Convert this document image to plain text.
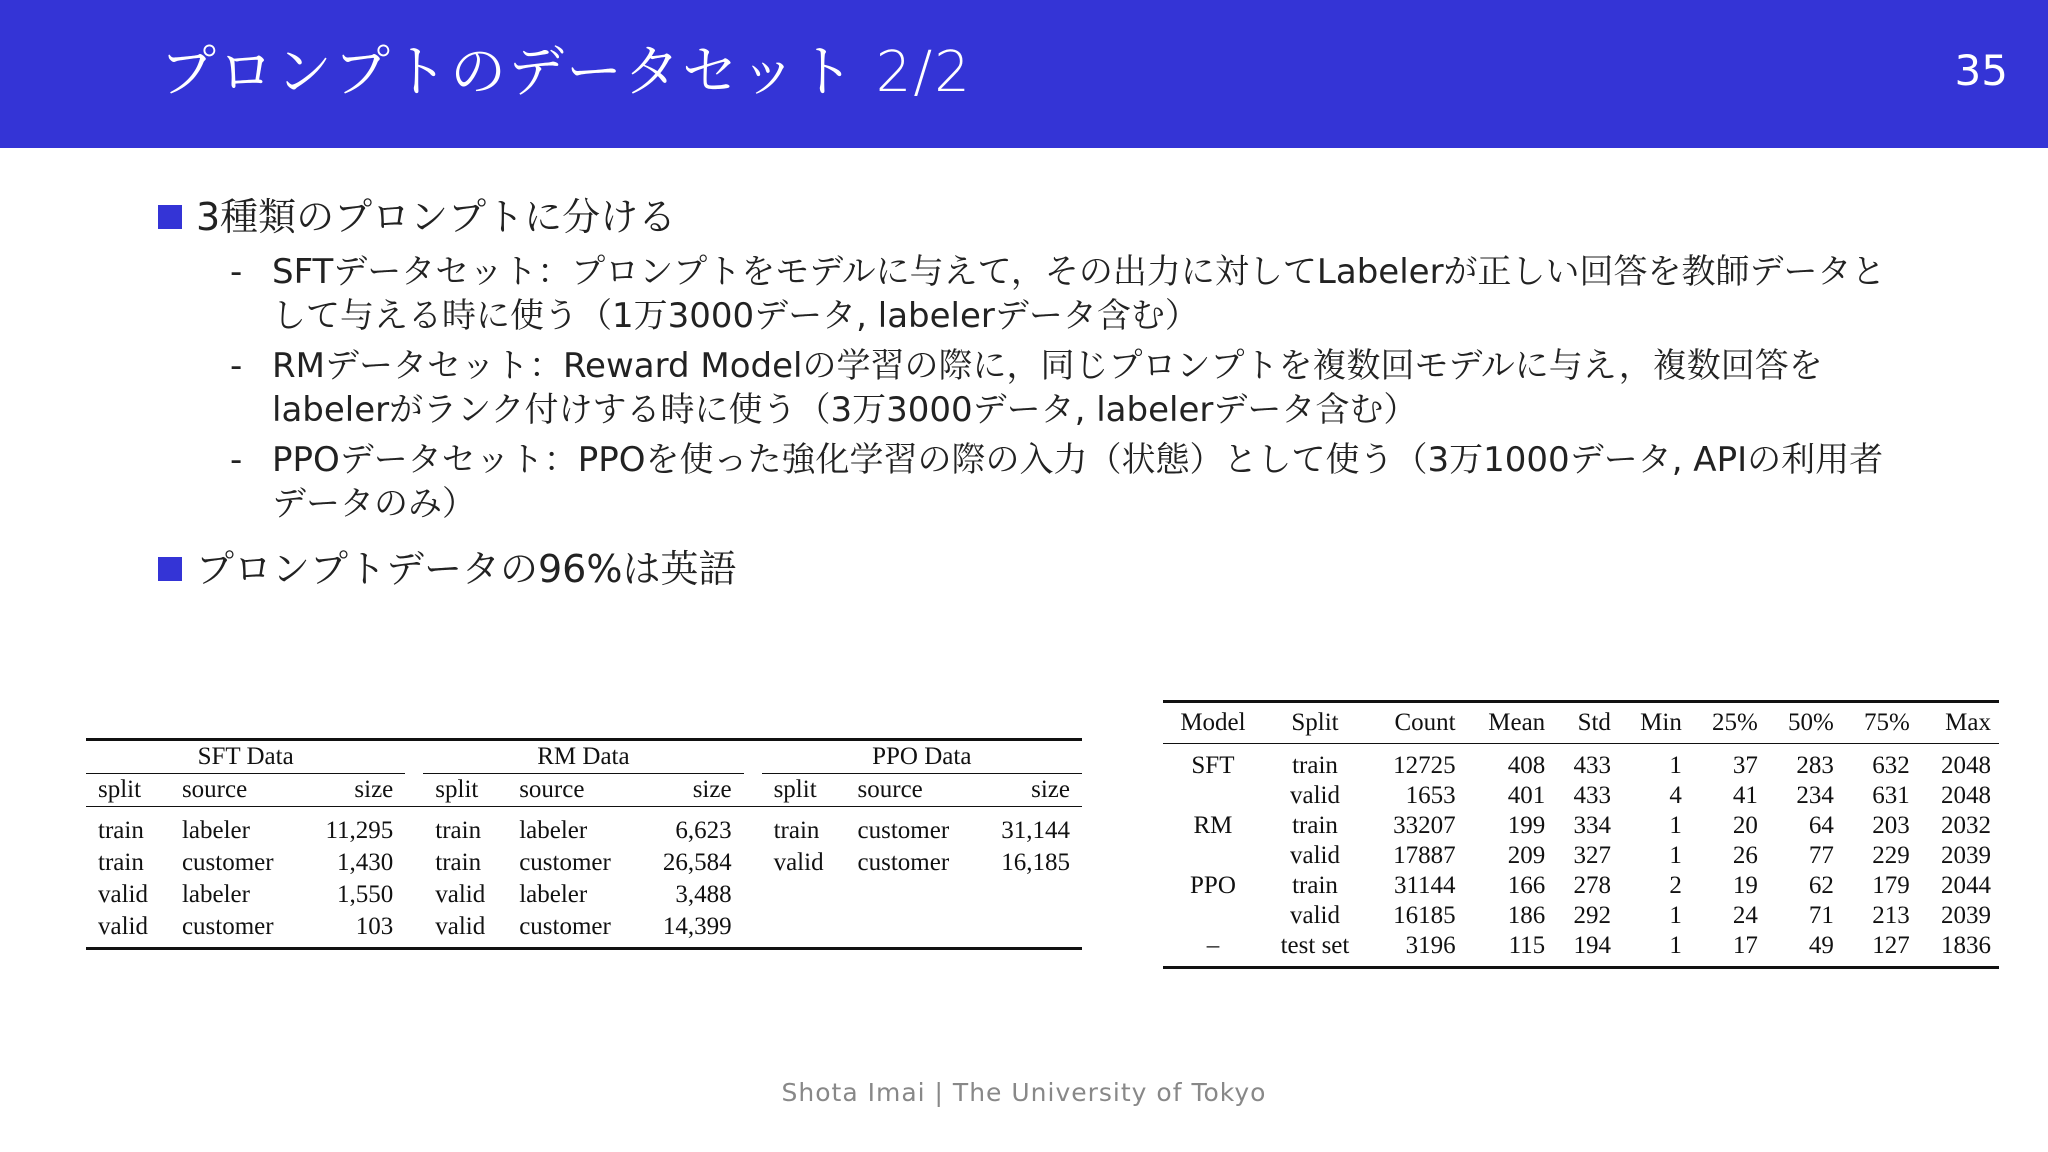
プロンプトのデータセット 2/2	35
3種類のプロンプトに分ける
- SFTデータセット：プロンプトをモデルに与えて，その出力に対してLabelerが正しい回答を教師データとして与える時に使う（1万3000データ, labelerデータ含む）
- RMデータセット：Reward Modelの学習の際に，同じプロンプトを複数回モデルに与え，複数回答をlabelerがランク付けする時に使う（3万3000データ, labelerデータ含む）
- PPOデータセット：PPOを使った強化学習の際の入力（状態）として使う（3万1000データ, APIの利用者データのみ）
プロンプトデータの96%は英語
SFT Data				RM Data				PPO Data		
split	source	size		split	source	size		split	source	size
train	labeler	11,295		train	labeler	6,623		train	customer	31,144
train	customer	1,430		train	customer	26,584		valid	customer	16,185
valid	labeler	1,550		valid	labeler	3,488				
valid	customer	103		valid	customer	14,399				
Model	Split	Count	Mean	Std	Min	25%	50%	75%	Max
SFT	train	12725	408	433	1	37	283	632	2048
	valid	1653	401	433	4	41	234	631	2048
RM	train	33207	199	334	1	20	64	203	2032
	valid	17887	209	327	1	26	77	229	2039
PPO	train	31144	166	278	2	19	62	179	2044
	valid	16185	186	292	1	24	71	213	2039
–	test set	3196	115	194	1	17	49	127	1836
Shota Imai | The University of Tokyo
